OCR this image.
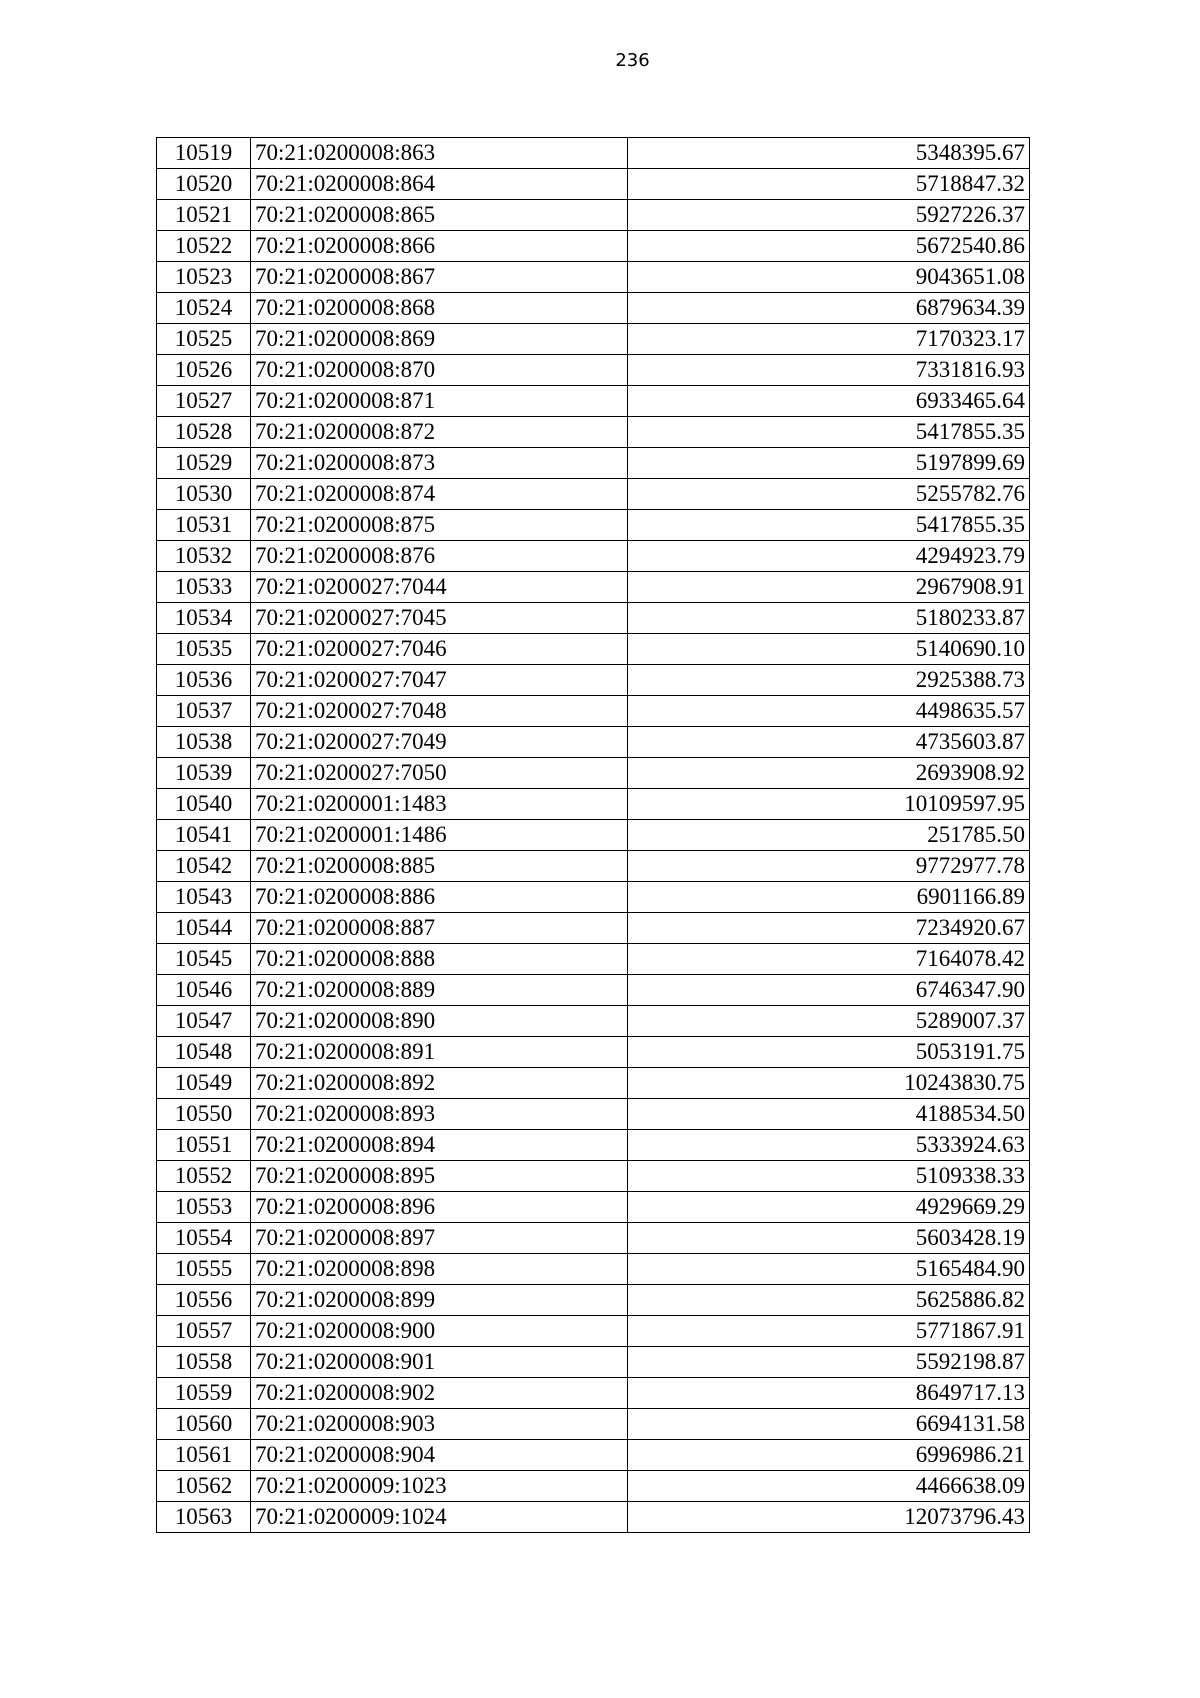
236
10519	70:21:0200008:863	5348395.67
10520	70:21:0200008:864	5718847.32
10521	70:21:0200008:865	5927226.37
10522	70:21:0200008:866	5672540.86
10523	70:21:0200008:867	9043651.08
10524	70:21:0200008:868	6879634.39
10525	70:21:0200008:869	7170323.17
10526	70:21:0200008:870	7331816.93
10527	70:21:0200008:871	6933465.64
10528	70:21:0200008:872	5417855.35
10529	70:21:0200008:873	5197899.69
10530	70:21:0200008:874	5255782.76
10531	70:21:0200008:875	5417855.35
10532	70:21:0200008:876	4294923.79
10533	70:21:0200027:7044	2967908.91
10534	70:21:0200027:7045	5180233.87
10535	70:21:0200027:7046	5140690.10
10536	70:21:0200027:7047	2925388.73
10537	70:21:0200027:7048	4498635.57
10538	70:21:0200027:7049	4735603.87
10539	70:21:0200027:7050	2693908.92
10540	70:21:0200001:1483	10109597.95
10541	70:21:0200001:1486	251785.50
10542	70:21:0200008:885	9772977.78
10543	70:21:0200008:886	6901166.89
10544	70:21:0200008:887	7234920.67
10545	70:21:0200008:888	7164078.42
10546	70:21:0200008:889	6746347.90
10547	70:21:0200008:890	5289007.37
10548	70:21:0200008:891	5053191.75
10549	70:21:0200008:892	10243830.75
10550	70:21:0200008:893	4188534.50
10551	70:21:0200008:894	5333924.63
10552	70:21:0200008:895	5109338.33
10553	70:21:0200008:896	4929669.29
10554	70:21:0200008:897	5603428.19
10555	70:21:0200008:898	5165484.90
10556	70:21:0200008:899	5625886.82
10557	70:21:0200008:900	5771867.91
10558	70:21:0200008:901	5592198.87
10559	70:21:0200008:902	8649717.13
10560	70:21:0200008:903	6694131.58
10561	70:21:0200008:904	6996986.21
10562	70:21:0200009:1023	4466638.09
10563	70:21:0200009:1024	12073796.43
